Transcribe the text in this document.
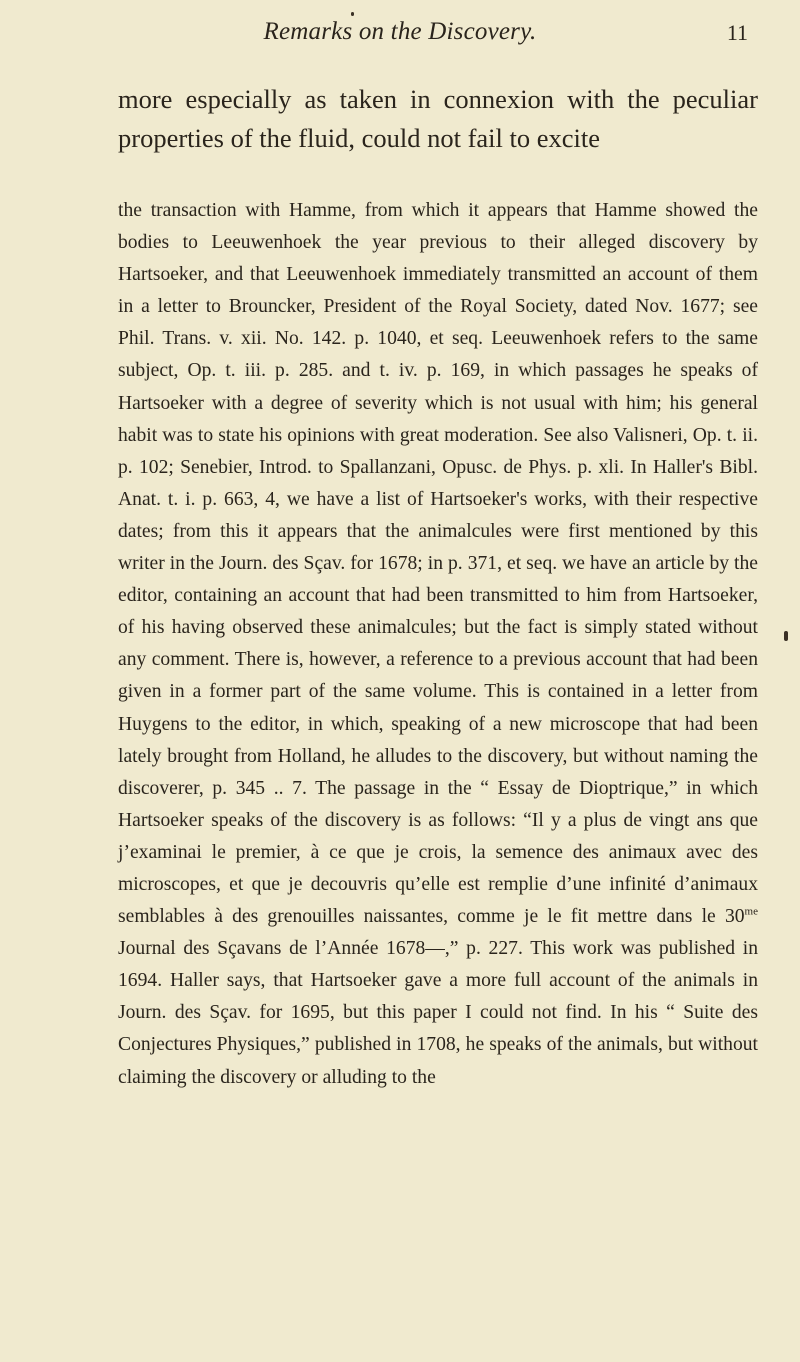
Remarks on the Discovery.	11

more especially as taken in connexion with the peculiar properties of the fluid, could not fail to excite

the transaction with Hamme, from which it appears that Hamme showed the bodies to Leeuwenhoek the year previous to their alleged discovery by Hartsoeker, and that Leeuwenhoek immediately transmitted an account of them in a letter to Brouncker, President of the Royal Society, dated Nov. 1677; see Phil. Trans. v. xii. No. 142. p. 1040, et seq. Leeuwenhoek refers to the same subject, Op. t. iii. p. 285. and t. iv. p. 169, in which passages he speaks of Hartsoeker with a degree of severity which is not usual with him; his general habit was to state his opinions with great moderation. See also Valisneri, Op. t. ii. p. 102; Senebier, Introd. to Spallanzani, Opusc. de Phys. p. xli. In Haller's Bibl. Anat. t. i. p. 663, 4, we have a list of Hartsoeker's works, with their respective dates; from this it appears that the animalcules were first mentioned by this writer in the Journ. des Sçav. for 1678; in p. 371, et seq. we have an article by the editor, containing an account that had been transmitted to him from Hartsoeker, of his having observed these animalcules; but the fact is simply stated without any comment. There is, however, a reference to a previous account that had been given in a former part of the same volume. This is contained in a letter from Huygens to the editor, in which, speaking of a new microscope that had been lately brought from Holland, he alludes to the discovery, but without naming the discoverer, p. 345 .. 7. The passage in the “ Essay de Dioptrique,” in which Hartsoeker speaks of the discovery is as follows: “Il y a plus de vingt ans que j’examinai le premier, à ce que je crois, la semence des animaux avec des microscopes, et que je decouvris qu’elle est remplie d’une infinité d’animaux semblables à des grenouilles naissantes, comme je le fit mettre dans le $30^{me}$ Journal des Sçavans de l’Année 1678—,” p. 227. This work was published in 1694. Haller says, that Hartsoeker gave a more full account of the animals in Journ. des Sçav. for 1695, but this paper I could not find. In his “ Suite des Conjectures Physiques,” published in 1708, he speaks of the animals, but without claiming the discovery or alluding to the
